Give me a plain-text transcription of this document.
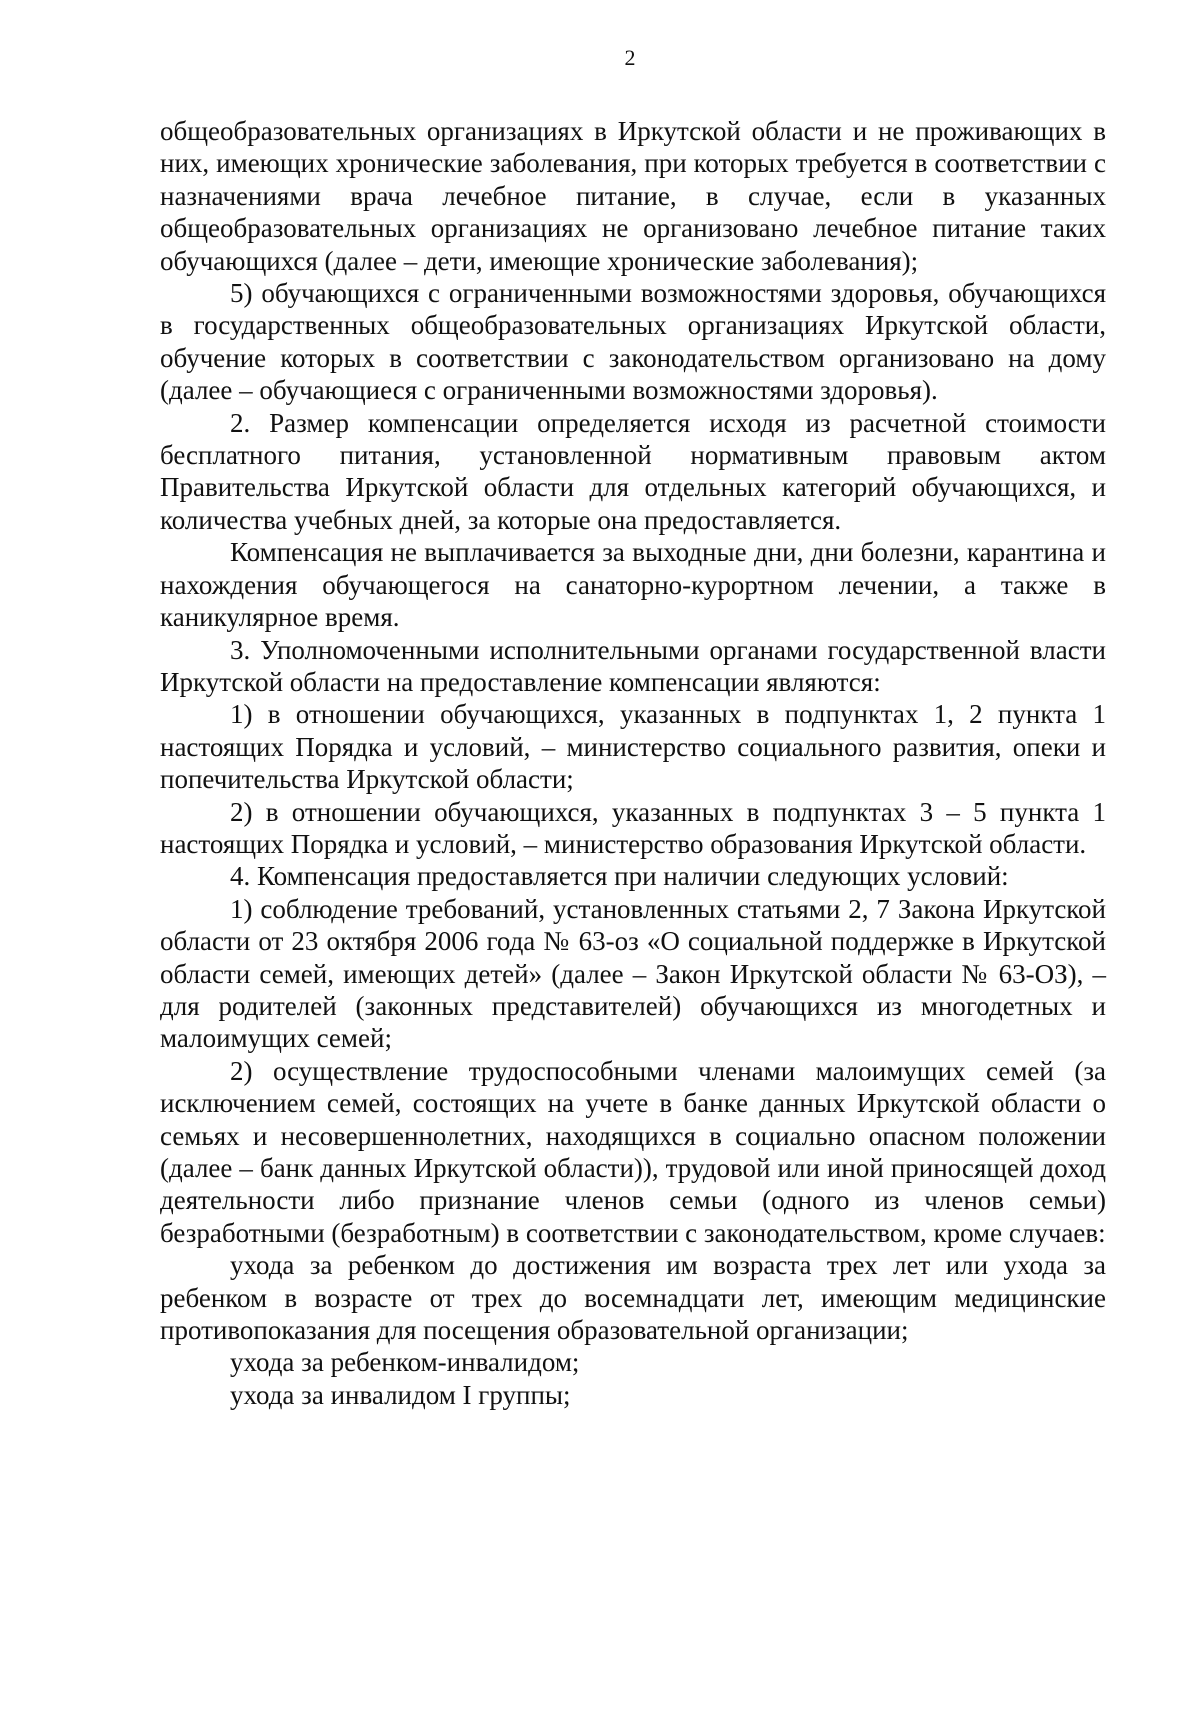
2

общеобразовательных организациях в Иркутской области и не проживающих в них, имеющих хронические заболевания, при которых требуется в соответствии с назначениями врача лечебное питание, в случае, если в указанных общеобразовательных организациях не организовано лечебное питание таких обучающихся (далее – дети, имеющие хронические заболевания);

5) обучающихся с ограниченными возможностями здоровья, обучающихся в государственных общеобразовательных организациях Иркутской области, обучение которых в соответствии с законодательством организовано на дому (далее – обучающиеся с ограниченными возможностями здоровья).

2. Размер компенсации определяется исходя из расчетной стоимости бесплатного питания, установленной нормативным правовым актом Правительства Иркутской области для отдельных категорий обучающихся, и количества учебных дней, за которые она предоставляется.

Компенсация не выплачивается за выходные дни, дни болезни, карантина и нахождения обучающегося на санаторно-курортном лечении, а также в каникулярное время.

3. Уполномоченными исполнительными органами государственной власти Иркутской области на предоставление компенсации являются:

1) в отношении обучающихся, указанных в подпунктах 1, 2 пункта 1 настоящих Порядка и условий, – министерство социального развития, опеки и попечительства Иркутской области;

2) в отношении обучающихся, указанных в подпунктах 3 – 5 пункта 1 настоящих Порядка и условий, – министерство образования Иркутской области.

4. Компенсация предоставляется при наличии следующих условий:

1) соблюдение требований, установленных статьями 2, 7 Закона Иркутской области от 23 октября 2006 года № 63-оз «О социальной поддержке в Иркутской области семей, имеющих детей» (далее – Закон Иркутской области № 63-ОЗ), – для родителей (законных представителей) обучающихся из многодетных и малоимущих семей;

2) осуществление трудоспособными членами малоимущих семей (за исключением семей, состоящих на учете в банке данных Иркутской области о семьях и несовершеннолетних, находящихся в социально опасном положении (далее – банк данных Иркутской области)), трудовой или иной приносящей доход деятельности либо признание членов семьи (одного из членов семьи) безработными (безработным) в соответствии с законодательством, кроме случаев:

ухода за ребенком до достижения им возраста трех лет или ухода за ребенком в возрасте от трех до восемнадцати лет, имеющим медицинские противопоказания для посещения образовательной организации;

ухода за ребенком-инвалидом;

ухода за инвалидом I группы;
